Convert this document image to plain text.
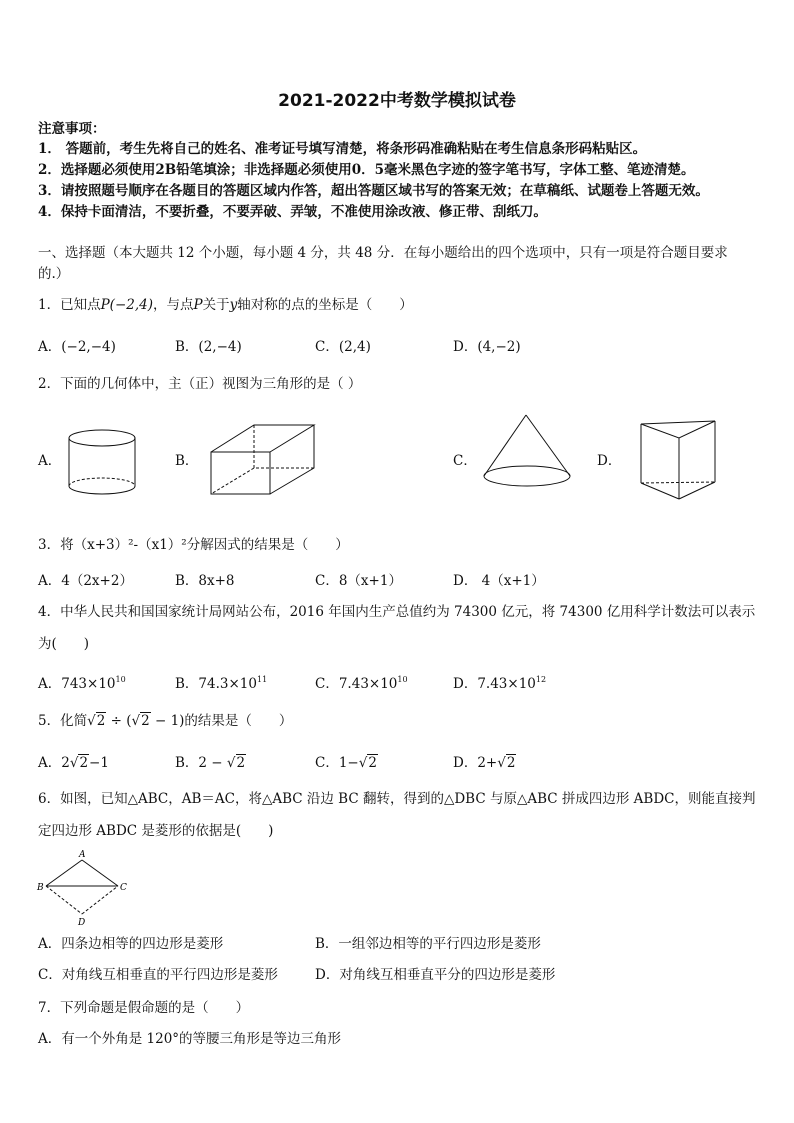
2021-2022中考数学模拟试卷
注意事项：
1． 答题前，考生先将自己的姓名、准考证号填写清楚，将条形码准确粘贴在考生信息条形码粘贴区。
2．选择题必须使用2B铅笔填涂；非选择题必须使用0．5毫米黑色字迹的签字笔书写，字体工整、笔迹清楚。
3．请按照题号顺序在各题目的答题区域内作答，超出答题区域书写的答案无效；在草稿纸、试题卷上答题无效。
4．保持卡面清洁，不要折叠，不要弄破、弄皱，不准使用涂改液、修正带、刮纸刀。
一、选择题（本大题共 12 个小题，每小题 4 分，共 48 分．在每小题给出的四个选项中，只有一项是符合题目要求
的.）
1．已知点P(−2,4)，与点P关于y轴对称的点的坐标是（　　）
A．(−2,−4)	B．(2,−4)	C．(2,4)	D．(4,−2)
2．下面的几何体中，主（正）视图为三角形的是（ ）
A．	B．	C．	D．
3．将（x+3）²-（x1）²分解因式的结果是（　　）
A．4（2x+2）	B．8x+8	C．8（x+1）	D． 4（x+1）
4．中华人民共和国国家统计局网站公布，2016 年国内生产总值约为 74300 亿元，将 74300 亿用科学计数法可以表示
为(　　)
A．$743\times 10^{10}$	B．$74.3\times 10^{11}$	C．$7.43\times 10^{10}$	D．$7.43\times 10^{12}$
5．化简√2 ÷ (√2 − 1)的结果是（　　）
A．2√2−1	B．2 − √2	C．1−√2	D．2+√2
6．如图，已知△ABC，AB＝AC，将△ABC 沿边 BC 翻转，得到的△DBC 与原△ABC 拼成四边形 ABDC，则能直接判
定四边形 ABDC 是菱形的依据是(　　)
A
B	C
D
A．四条边相等的四边形是菱形	B．一组邻边相等的平行四边形是菱形
C．对角线互相垂直的平行四边形是菱形	D．对角线互相垂直平分的四边形是菱形
7．下列命题是假命题的是（　　）
A．有一个外角是 120°的等腰三角形是等边三角形
